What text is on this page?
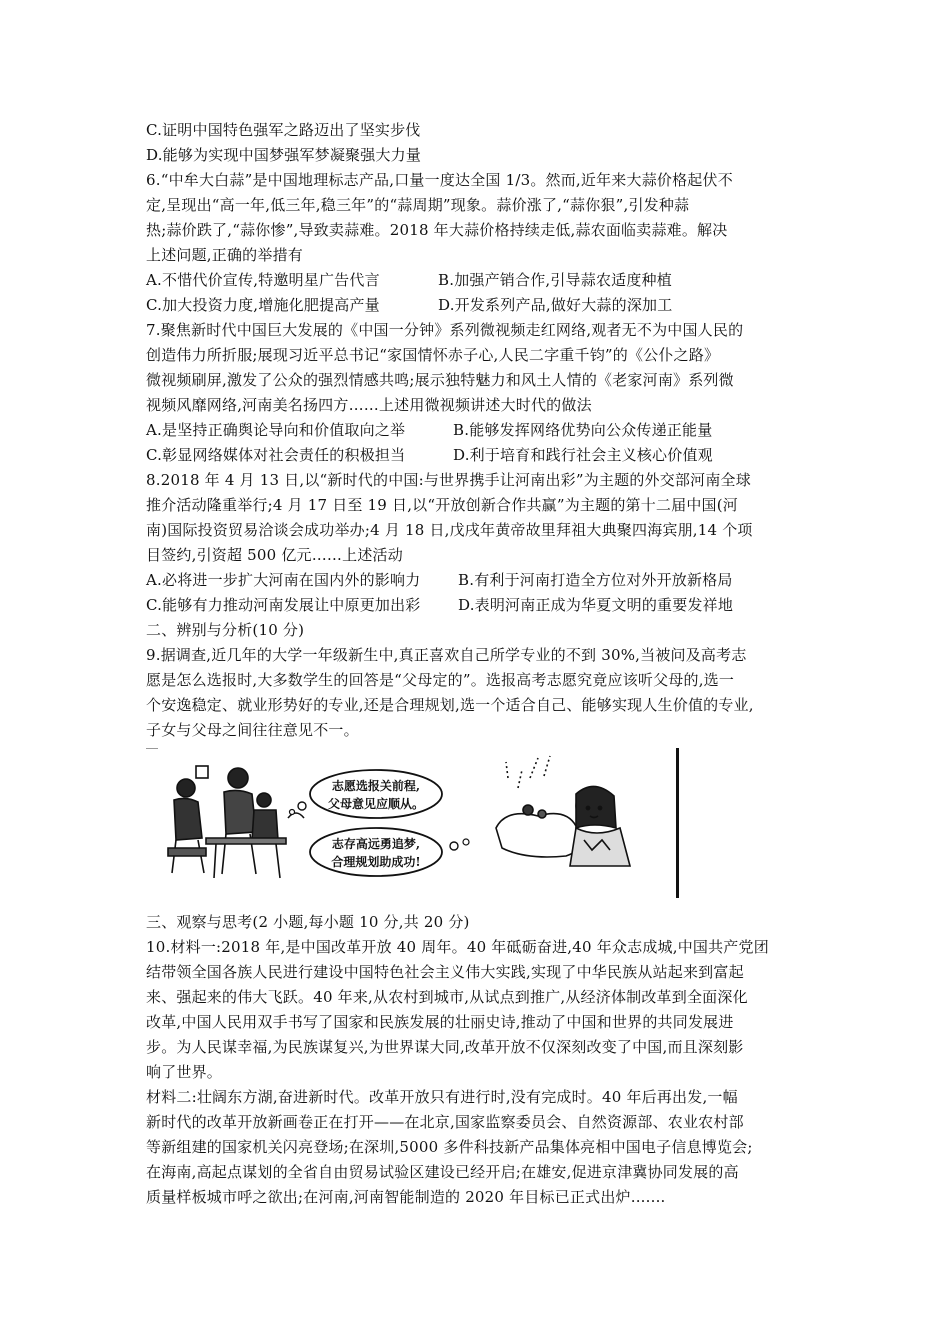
C.证明中国特色强军之路迈出了坚实步伐
D.能够为实现中国梦强军梦凝聚强大力量
6.“中牟大白蒜”是中国地理标志产品,口量一度达全国 1/3。然而,近年来大蒜价格起伏不
定,呈现出“高一年,低三年,稳三年”的“蒜周期”现象。蒜价涨了,“蒜你狠”,引发种蒜
热;蒜价跌了,“蒜你惨”,导致卖蒜难。2018 年大蒜价格持续走低,蒜农面临卖蒜难。解决
上述问题,正确的举措有
A.不惜代价宣传,特邀明星广告代言	B.加强产销合作,引导蒜农适度种植
C.加大投资力度,增施化肥提高产量	D.开发系列产品,做好大蒜的深加工
7.聚焦新时代中国巨大发展的《中国一分钟》系列微视频走红网络,观者无不为中国人民的
创造伟力所折服;展现习近平总书记“家国情怀赤子心,人民二字重千钧”的《公仆之路》
微视频刷屏,激发了公众的强烈情感共鸣;展示独特魅力和风土人情的《老家河南》系列微
视频风靡网络,河南美名扬四方……上述用微视频讲述大时代的做法
A.是坚持正确舆论导向和价值取向之举	B.能够发挥网络优势向公众传递正能量
C.彰显网络媒体对社会责任的积极担当	D.利于培育和践行社会主义核心价值观
8.2018 年 4 月 13 日,以“新时代的中国:与世界携手让河南出彩”为主题的外交部河南全球
推介活动隆重举行;4 月 17 日至 19 日,以“开放创新合作共赢”为主题的第十二届中国(河
南)国际投资贸易洽谈会成功举办;4 月 18 日,戊戌年黄帝故里拜祖大典聚四海宾朋,14 个项
目签约,引资超 500 亿元……上述活动
A.必将进一步扩大河南在国内外的影响力	B.有利于河南打造全方位对外开放新格局
C.能够有力推动河南发展让中原更加出彩 D.表明河南正成为华夏文明的重要发祥地
二、辨别与分析(10 分)
9.据调查,近几年的大学一年级新生中,真正喜欢自己所学专业的不到 30%,当被问及高考志
愿是怎么选报时,大多数学生的回答是“父母定的”。选报高考志愿究竟应该听父母的,选一
个安逸稳定、就业形势好的专业,还是合理规划,选一个适合自己、能够实现人生价值的专业,
子女与父母之间往往意见不一。
志愿选报关前程,
父母意见应顺从。
志存高远勇追梦,
合理规划助成功!
三、观察与思考(2 小题,每小题 10 分,共 20 分)
10.材料一:2018 年,是中国改革开放 40 周年。40 年砥砺奋进,40 年众志成城,中国共产党团
结带领全国各族人民进行建设中国特色社会主义伟大实践,实现了中华民族从站起来到富起
来、强起来的伟大飞跃。40 年来,从农村到城市,从试点到推广,从经济体制改革到全面深化
改革,中国人民用双手书写了国家和民族发展的壮丽史诗,推动了中国和世界的共同发展进
步。为人民谋幸福,为民族谋复兴,为世界谋大同,改革开放不仅深刻改变了中国,而且深刻影
响了世界。
材料二:壮阔东方湖,奋进新时代。改革开放只有进行时,没有完成时。40 年后再出发,一幅
新时代的改革开放新画卷正在打开——在北京,国家监察委员会、自然资源部、农业农村部
等新组建的国家机关闪亮登场;在深圳,5000 多件科技新产品集体亮相中国电子信息博览会;
在海南,高起点谋划的全省自由贸易试验区建设已经开启;在雄安,促进京津冀协同发展的高
质量样板城市呼之欲出;在河南,河南智能制造的 2020 年目标已正式出炉.......
